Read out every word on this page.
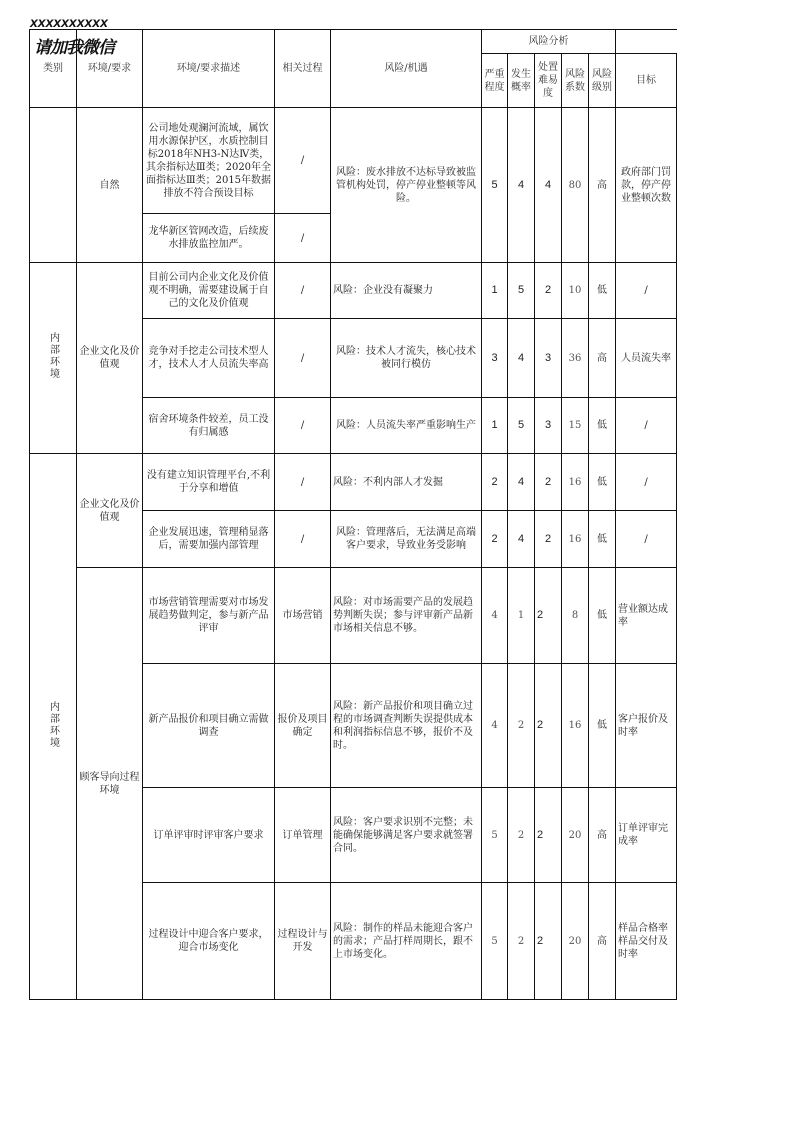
xxxxxxxxxx
请加我微信
类别	环境/要求	环境/要求描述	相关过程	风险/机遇	风险分析					
					严重程度	发生概率	处置难易度	风险系数	风险级别	目标
	自然	公司地处观澜河流域，属饮用水源保护区，水质控制目标2018年NH3-N达Ⅳ类，其余指标达Ⅲ类；2020年全面指标达Ⅲ类；2015年数据排放不符合预设目标	/	风险：废水排放不达标导致被监管机构处罚，停产停业整顿等风险。	5	4	4	80	高	政府部门罚款，停产停业整顿次数
		龙华新区管网改造，后续废水排放监控加严。	/							
内部环境	企业文化及价值观	目前公司内企业文化及价值观不明确，需要建设属于自己的文化及价值观	/	风险：企业没有凝聚力	1	5	2	10	低	/
		竞争对手挖走公司技术型人才，技术人才人员流失率高	/	风险：技术人才流失，核心技术被同行模仿	3	4	3	36	高	人员流失率
		宿舍环境条件较差，员工没有归属感	/	风险：人员流失率严重影响生产	1	5	3	15	低	/
内部环境	企业文化及价值观	没有建立知识管理平台,不利于分享和增值	/	风险：不利内部人才发掘	2	4	2	16	低	/
		企业发展迅速，管理稍显落后，需要加强内部管理	/	风险：管理落后，无法满足高端客户要求，导致业务受影响	2	4	2	16	低	/
	顾客导向过程环境	市场营销管理需要对市场发展趋势做判定，参与新产品评审	市场营销	风险：对市场需要产品的发展趋势判断失误；参与评审新产品新市场相关信息不够。	4	1	2	8	低	营业额达成率
		新产品报价和项目确立需做调查	报价及项目确定	风险：新产品报价和项目确立过程的市场调查判断失误提供成本和利润指标信息不够，报价不及时。	4	2	2	16	低	客户报价及时率
		订单评审时评审客户要求	订单管理	风险：客户要求识别不完整；未能确保能够满足客户要求就签署合同。	5	2	2	20	高	订单评审完成率
		过程设计中迎合客户要求，迎合市场变化	过程设计与开发	风险：制作的样品未能迎合客户的需求；产品打样周期长，跟不上市场变化。	5	2	2	20	高	样品合格率样品交付及时率
